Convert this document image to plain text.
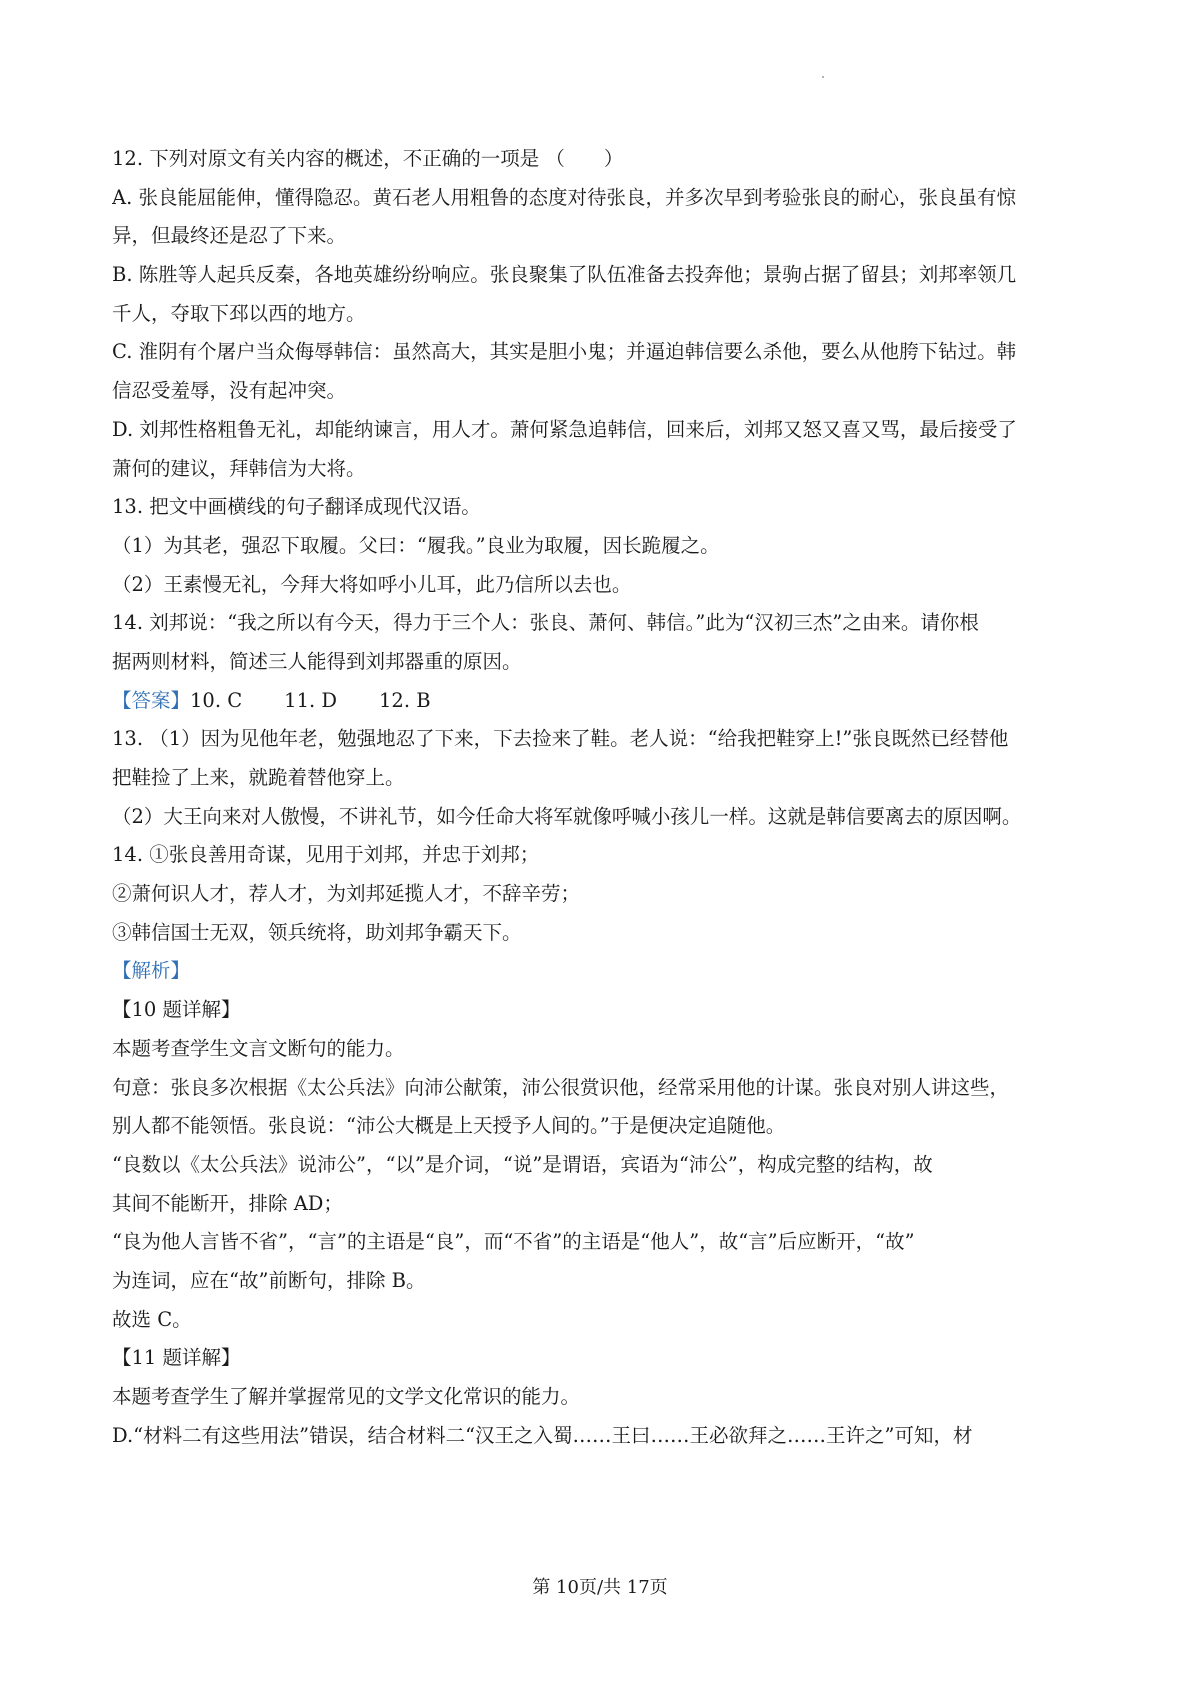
12. 下列对原文有关内容的概述，不正确的一项是 （　　）
A. 张良能屈能伸，懂得隐忍。黄石老人用粗鲁的态度对待张良，并多次早到考验张良的耐心，张良虽有惊
异，但最终还是忍了下来。
B. 陈胜等人起兵反秦，各地英雄纷纷响应。张良聚集了队伍准备去投奔他；景驹占据了留县；刘邦率领几
千人，夺取下邳以西的地方。
C. 淮阴有个屠户当众侮辱韩信：虽然高大，其实是胆小鬼；并逼迫韩信要么杀他，要么从他胯下钻过。韩
信忍受羞辱，没有起冲突。
D. 刘邦性格粗鲁无礼，却能纳谏言，用人才。萧何紧急追韩信，回来后，刘邦又怒又喜又骂，最后接受了
萧何的建议，拜韩信为大将。
13. 把文中画横线的句子翻译成现代汉语。
（1）为其老，强忍下取履。父曰：“履我。”良业为取履，因长跪履之。
（2）王素慢无礼，今拜大将如呼小儿耳，此乃信所以去也。
14. 刘邦说：“我之所以有今天，得力于三个人：张良、萧何、韩信。”此为“汉初三杰”之由来。请你根
据两则材料，简述三人能得到刘邦器重的原因。
【答案】10. C 11. D 12. B
13. （1）因为见他年老，勉强地忍了下来，下去捡来了鞋。老人说：“给我把鞋穿上!”张良既然已经替他
把鞋捡了上来，就跪着替他穿上。
（2）大王向来对人傲慢，不讲礼节，如今任命大将军就像呼喊小孩儿一样。这就是韩信要离去的原因啊。
14. ①张良善用奇谋，见用于刘邦，并忠于刘邦；
②萧何识人才，荐人才，为刘邦延揽人才，不辞辛劳；
③韩信国士无双，领兵统将，助刘邦争霸天下。
【解析】
【10 题详解】
本题考查学生文言文断句的能力。
句意：张良多次根据《太公兵法》向沛公献策，沛公很赏识他，经常采用他的计谋。张良对别人讲这些，
别人都不能领悟。张良说：“沛公大概是上天授予人间的。”于是便决定追随他。
“良数以《太公兵法》说沛公”，“以”是介词，“说”是谓语，宾语为“沛公”，构成完整的结构，故
其间不能断开，排除 AD；
“良为他人言皆不省”，“言”的主语是“良”，而“不省”的主语是“他人”，故“言”后应断开，“故”
为连词，应在“故”前断句，排除 B。
故选 C。
【11 题详解】
本题考查学生了解并掌握常见的文学文化常识的能力。
D.“材料二有这些用法”错误，结合材料二“汉王之入蜀……王曰……王必欲拜之……王许之”可知，材
第 10页/共 17页
